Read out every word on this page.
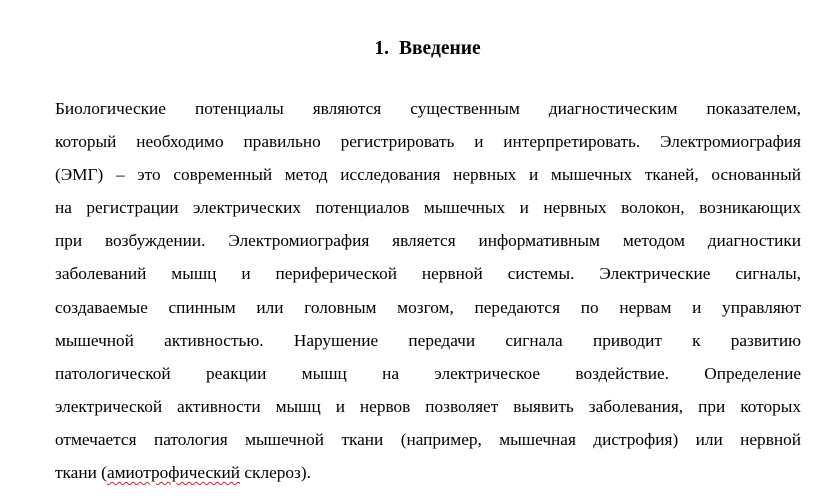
1. Введение
Биологические потенциалы являются существенным диагностическим показателем,
который необходимо правильно регистрировать и интерпретировать. Электромиография
(ЭМГ) – это современный метод исследования нервных и мышечных тканей, основанный
на регистрации электрических потенциалов мышечных и нервных волокон, возникающих
при возбуждении. Электромиография является информативным методом диагностики
заболеваний мышц и периферической нервной системы. Электрические сигналы,
создаваемые спинным или головным мозгом, передаются по нервам и управляют
мышечной активностью. Нарушение передачи сигнала приводит к развитию
патологической реакции мышц на электрическое воздействие. Определение
электрической активности мышц и нервов позволяет выявить заболевания, при которых
отмечается патология мышечной ткани (например, мышечная дистрофия) или нервной
ткани (амиотрофический склероз).
